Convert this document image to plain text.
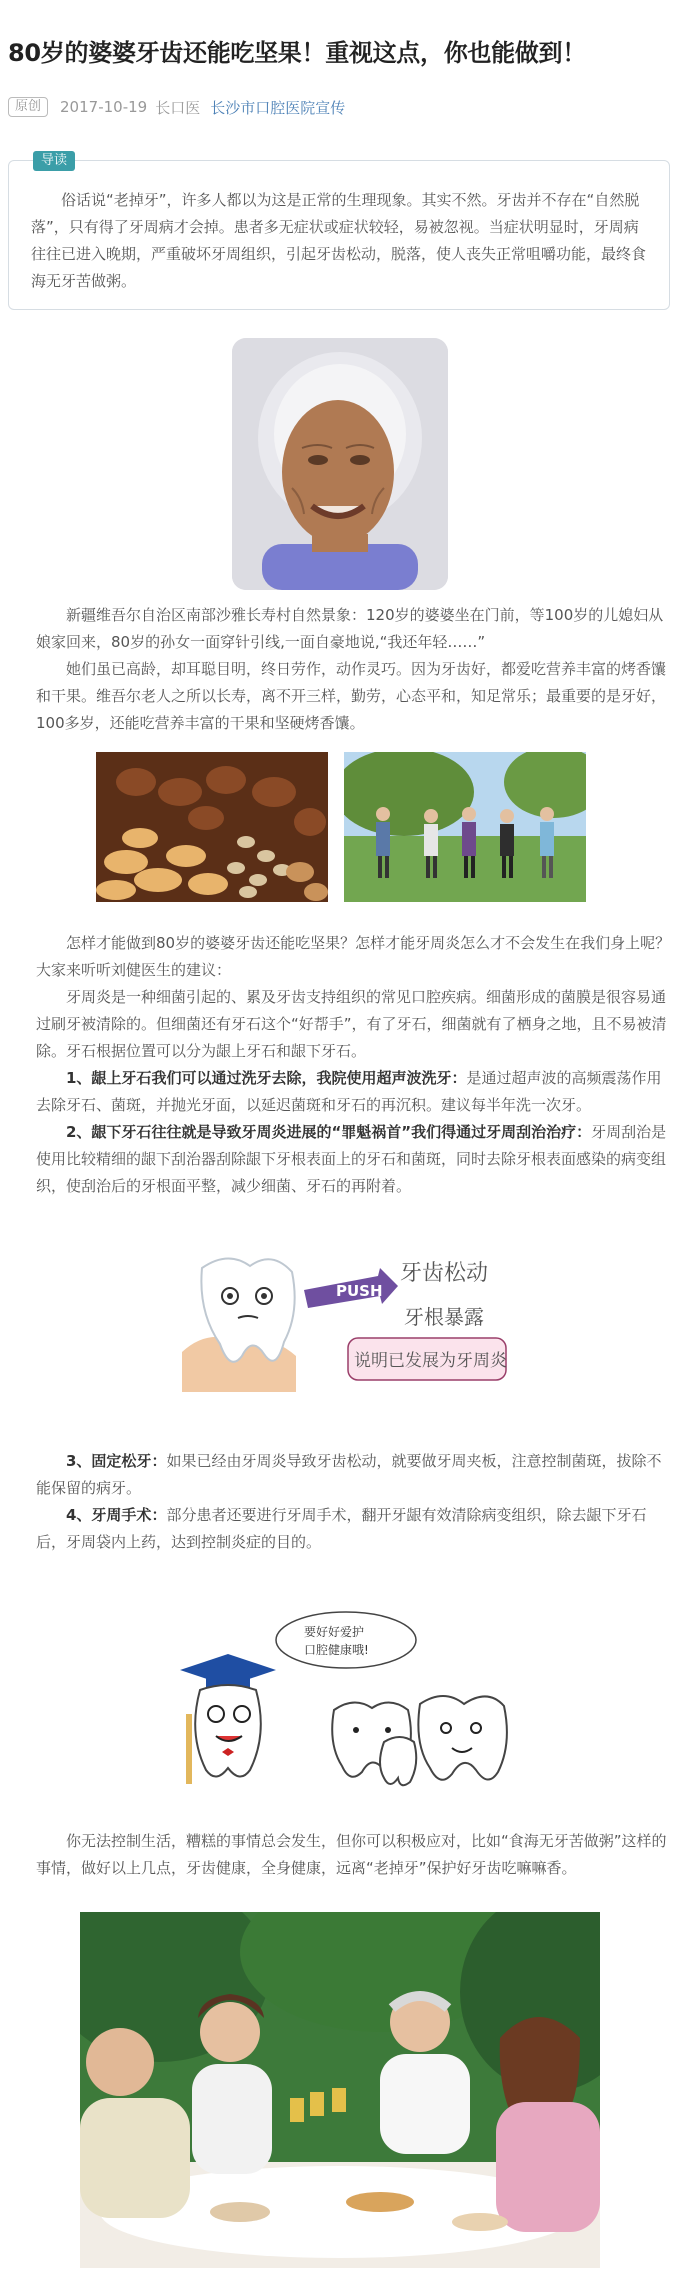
80岁的婆婆牙齿还能吃坚果！重视这点，你也能做到！
原创	2017-10-19 长口医 长沙市口腔医院宣传
导读

俗话说“老掉牙”，许多人都以为这是正常的生理现象。其实不然。牙齿并不存在“自然脱落”，只有得了牙周病才会掉。患者多无症状或症状较轻，易被忽视。当症状明显时，牙周病往往已进入晚期，严重破坏牙周组织，引起牙齿松动，脱落，使人丧失正常咀嚼功能，最终食海无牙苦做粥。

新疆维吾尔自治区南部沙雅长寿村自然景象：120岁的婆婆坐在门前，等100岁的儿媳妇从娘家回来，80岁的孙女一面穿针引线,一面自豪地说,“我还年轻……”

她们虽已高龄，却耳聪目明，终日劳作，动作灵巧。因为牙齿好，都爱吃营养丰富的烤香馕和干果。维吾尔老人之所以长寿，离不开三样，勤劳，心态平和，知足常乐；最重要的是牙好，100多岁，还能吃营养丰富的干果和坚硬烤香馕。

怎样才能做到80岁的婆婆牙齿还能吃坚果？怎样才能牙周炎怎么才不会发生在我们身上呢？大家来听听刘健医生的建议：

牙周炎是一种细菌引起的、累及牙齿支持组织的常见口腔疾病。细菌形成的菌膜是很容易通过刷牙被清除的。但细菌还有牙石这个“好帮手”，有了牙石，细菌就有了栖身之地，且不易被清除。牙石根据位置可以分为龈上牙石和龈下牙石。

1、龈上牙石我们可以通过洗牙去除，我院使用超声波洗牙：是通过超声波的高频震荡作用去除牙石、菌斑，并抛光牙面，以延迟菌斑和牙石的再沉积。建议每半年洗一次牙。

2、龈下牙石往往就是导致牙周炎进展的“罪魁祸首”我们得通过牙周刮治治疗：牙周刮治是使用比较精细的龈下刮治器刮除龈下牙根表面上的牙石和菌斑，同时去除牙根表面感染的病变组织，使刮治后的牙根面平整，减少细菌、牙石的再附着。

PUSH
牙齿松动
牙根暴露
说明已发展为牙周炎

3、固定松牙：如果已经由牙周炎导致牙齿松动，就要做牙周夹板，注意控制菌斑，拔除不能保留的病牙。

4、牙周手术：部分患者还要进行牙周手术，翻开牙龈有效清除病变组织，除去龈下牙石后，牙周袋内上药，达到控制炎症的目的。

要好好爱护
口腔健康哦!

你无法控制生活，糟糕的事情总会发生，但你可以积极应对，比如“食海无牙苦做粥”这样的事情，做好以上几点，牙齿健康，全身健康，远离“老掉牙”保护好牙齿吃嘛嘛香。
